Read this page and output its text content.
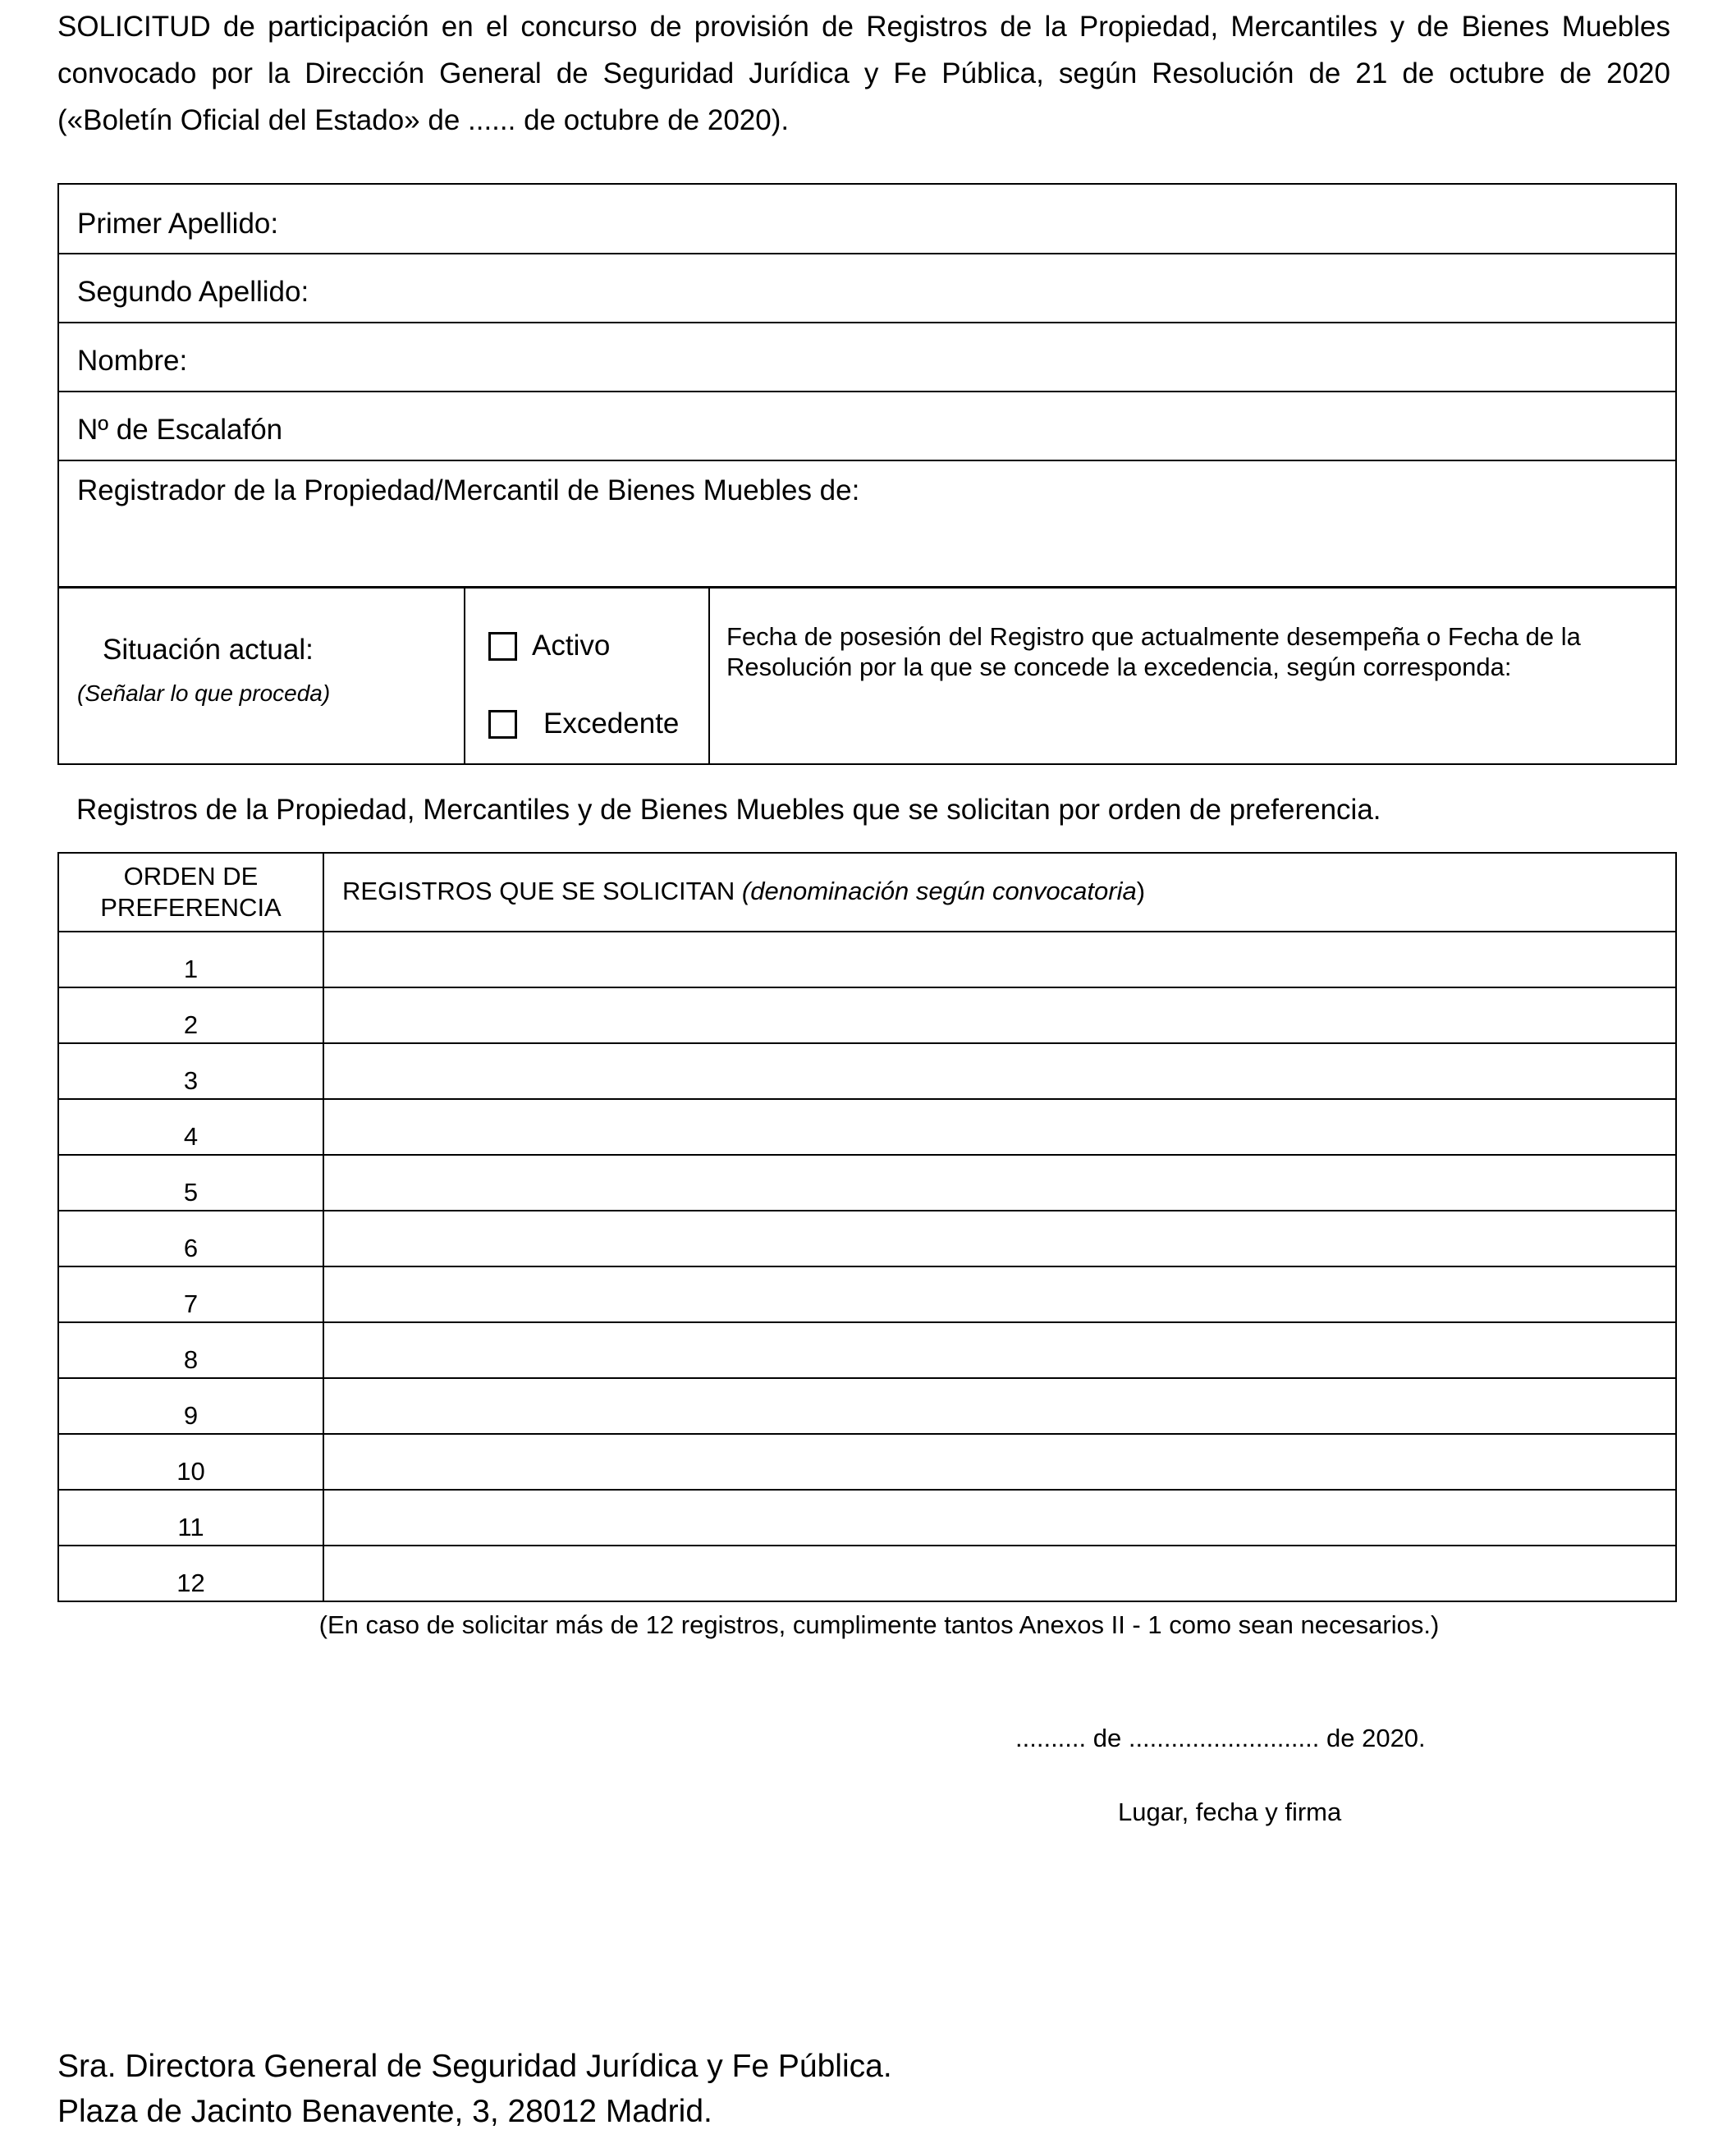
SOLICITUD de participación en el concurso de provisión de Registros de la Propiedad, Mercantiles y de Bienes Muebles convocado por la Dirección General de Seguridad Jurídica y Fe Pública, según Resolución de 21 de octubre de 2020 («Boletín Oficial del Estado» de ...... de octubre de 2020).

Primer Apellido:
Segundo Apellido:
Nombre:
Nº de Escalafón
Registrador de la Propiedad/Mercantil de Bienes Muebles de:
Situación actual:
(Señalar lo que proceda)

Activo
Excedente
	Fecha de posesión del Registro que actualmente desempeña o Fecha de la Resolución por la que se concede la excedencia, según corresponda:
Registros de la Propiedad, Mercantiles y de Bienes Muebles que se solicitan por orden de preferencia.
ORDEN DE
PREFERENCIA	REGISTROS QUE SE SOLICITAN (denominación según convocatoria)
1	
2	
3	
4	
5	
6	
7	
8	
9	
10	
11	
12	
(En caso de solicitar más de 12 registros, cumplimente tantos Anexos II - 1 como sean necesarios.)
.......... de ........................... de 2020.
Lugar, fecha y firma
Sra. Directora General de Seguridad Jurídica y Fe Pública.
Plaza de Jacinto Benavente, 3, 28012 Madrid.
